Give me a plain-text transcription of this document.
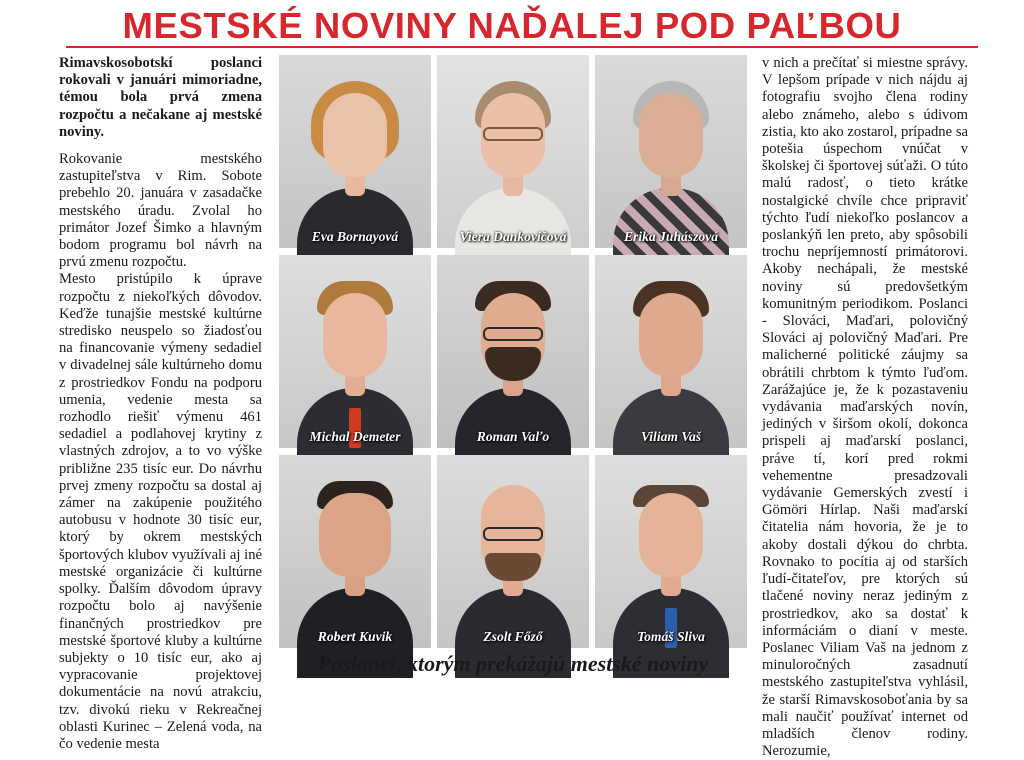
MESTSKÉ NOVINY NAĎALEJ POD PAĽBOU

Rimavskosobotskí poslanci rokovali v januári mimoriadne, témou bola prvá zmena rozpočtu a nečakane aj mestské noviny.

Rokovanie mestského zastupiteľstva v Rim. Sobote prebehlo 20. januára v zasadačke mestského úradu. Zvolal ho primátor Jozef Šimko a hlavným bodom programu bol návrh na prvú zmenu rozpočtu.

Mesto pristúpilo k úprave rozpočtu z niekoľkých dôvodov. Keďže tunajšie mestské kultúrne stredisko neuspelo so žiadosťou na financovanie výmeny sedadiel v divadelnej sále kultúrneho domu z prostriedkov Fondu na podporu umenia, vedenie mesta sa rozhodlo riešiť výmenu 461 sedadiel a podlahovej krytiny z vlastných zdrojov, a to vo výške približne 235 tisíc eur. Do návrhu prvej zmeny rozpočtu sa dostal aj zámer na zakúpenie použitého autobusu v hodnote 30 tisíc eur, ktorý by okrem mestských športových klubov využívali aj iné mestské organizácie či kultúrne spolky. Ďalším dôvodom úpravy rozpočtu bolo aj navýšenie finančných prostriedkov pre mestské športové kluby a kultúrne subjekty o 10 tisíc eur, ako aj vypracovanie projektovej dokumentácie na novú atrakciu, tzv. divokú rieku v Rekreačnej oblasti Kurinec – Zelená voda, na čo vedenie mesta

Eva Bornayová	Viera Dankovičová	Erika Juhászová
Michal Demeter	Roman Vaľo	Viliam Vaš
Robert Kuvik	Zsolt Főző	Tomáš Sliva
Poslanci, ktorým prekážajú mestské noviny

v nich a prečítať si miestne správy. V lepšom prípade v nich nájdu aj fotografiu svojho člena rodiny alebo známeho, alebo s údivom zistia, kto ako zostarol, prípadne sa potešia úspechom vnúčat v školskej či športovej súťaži. O túto malú radosť, o tieto krátke nostalgické chvíle chce pripraviť týchto ľudí niekoľko poslancov a poslankýň len preto, aby spôsobili trochu nepríjemností primátorovi. Akoby nechápali, že mestské noviny sú predovšetkým komunitným periodikom. Poslanci - Slováci, Maďari, polovičný Slováci aj polovičný Maďari. Pre malicherné politické záujmy sa obrátili chrbtom k týmto ľuďom. Zarážajúce je, že k pozastaveniu vydávania maďarských novín, jediných v širšom okolí, dokonca prispeli aj maďarskí poslanci, práve tí, korí pred rokmi vehementne presadzovali vydávanie Gemerských zvestí i Gömöri Hírlap. Naši maďarskí čitatelia nám hovoria, že je to akoby dostali dýkou do chrbta. Rovnako to pocítia aj od starších ľudí-čitateľov, pre ktorých sú tlačené noviny neraz jediným z prostriedkov, ako sa dostať k informáciám o dianí v meste. Poslanec Viliam Vaš na jednom z minuloročných zasadnutí mestského zastupiteľstva vyhlásil, že starší Rimavskosoboťania by sa mali naučiť používať internet od mladších členov rodiny. Nerozumie,
